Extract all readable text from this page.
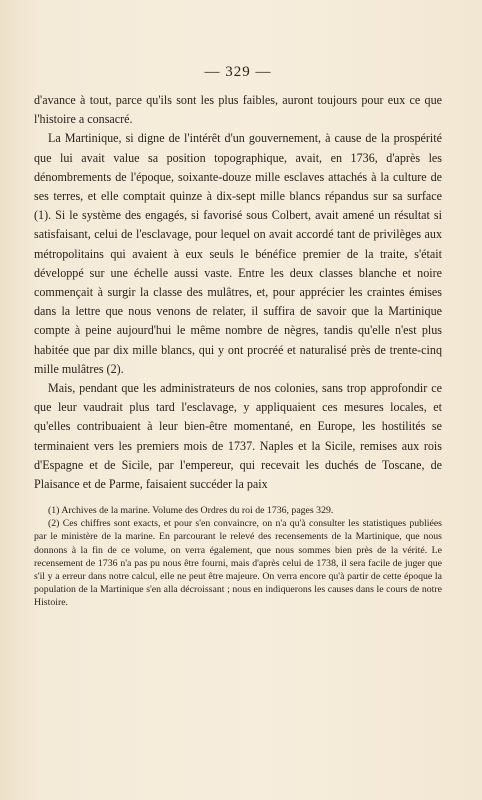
— 329 —

d'avance à tout, parce qu'ils sont les plus faibles, auront toujours pour eux ce que l'histoire a consacré.

La Martinique, si digne de l'intérêt d'un gouvernement, à cause de la prospérité que lui avait value sa position topographique, avait, en 1736, d'après les dénombrements de l'époque, soixante-douze mille esclaves attachés à la culture de ses terres, et elle comptait quinze à dix-sept mille blancs répandus sur sa surface (1). Si le système des engagés, si favorisé sous Colbert, avait amené un résultat si satisfaisant, celui de l'esclavage, pour lequel on avait accordé tant de privilèges aux métropolitains qui avaient à eux seuls le bénéfice premier de la traite, s'était développé sur une échelle aussi vaste. Entre les deux classes blanche et noire commençait à surgir la classe des mulâtres, et, pour apprécier les craintes émises dans la lettre que nous venons de relater, il suffira de savoir que la Martinique compte à peine aujourd'hui le même nombre de nègres, tandis qu'elle n'est plus habitée que par dix mille blancs, qui y ont procréé et naturalisé près de trente-cinq mille mulâtres (2).

Mais, pendant que les administrateurs de nos colonies, sans trop approfondir ce que leur vaudrait plus tard l'esclavage, y appliquaient ces mesures locales, et qu'elles contribuaient à leur bien-être momentané, en Europe, les hostilités se terminaient vers les premiers mois de 1737. Naples et la Sicile, remises aux rois d'Espagne et de Sicile, par l'empereur, qui recevait les duchés de Toscane, de Plaisance et de Parme, faisaient succéder la paix

(1) Archives de la marine. Volume des Ordres du roi de 1736, pages 329.

(2) Ces chiffres sont exacts, et pour s'en convaincre, on n'a qu'à consulter les statistiques publiées par le ministère de la marine. En parcourant le relevé des recensements de la Martinique, que nous donnons à la fin de ce volume, on verra également, que nous sommes bien près de la vérité. Le recensement de 1736 n'a pas pu nous être fourni, mais d'après celui de 1738, il sera facile de juger que s'il y a erreur dans notre calcul, elle ne peut être majeure. On verra encore qu'à partir de cette époque la population de la Martinique s'en alla décroissant ; nous en indiquerons les causes dans le cours de notre Histoire.
